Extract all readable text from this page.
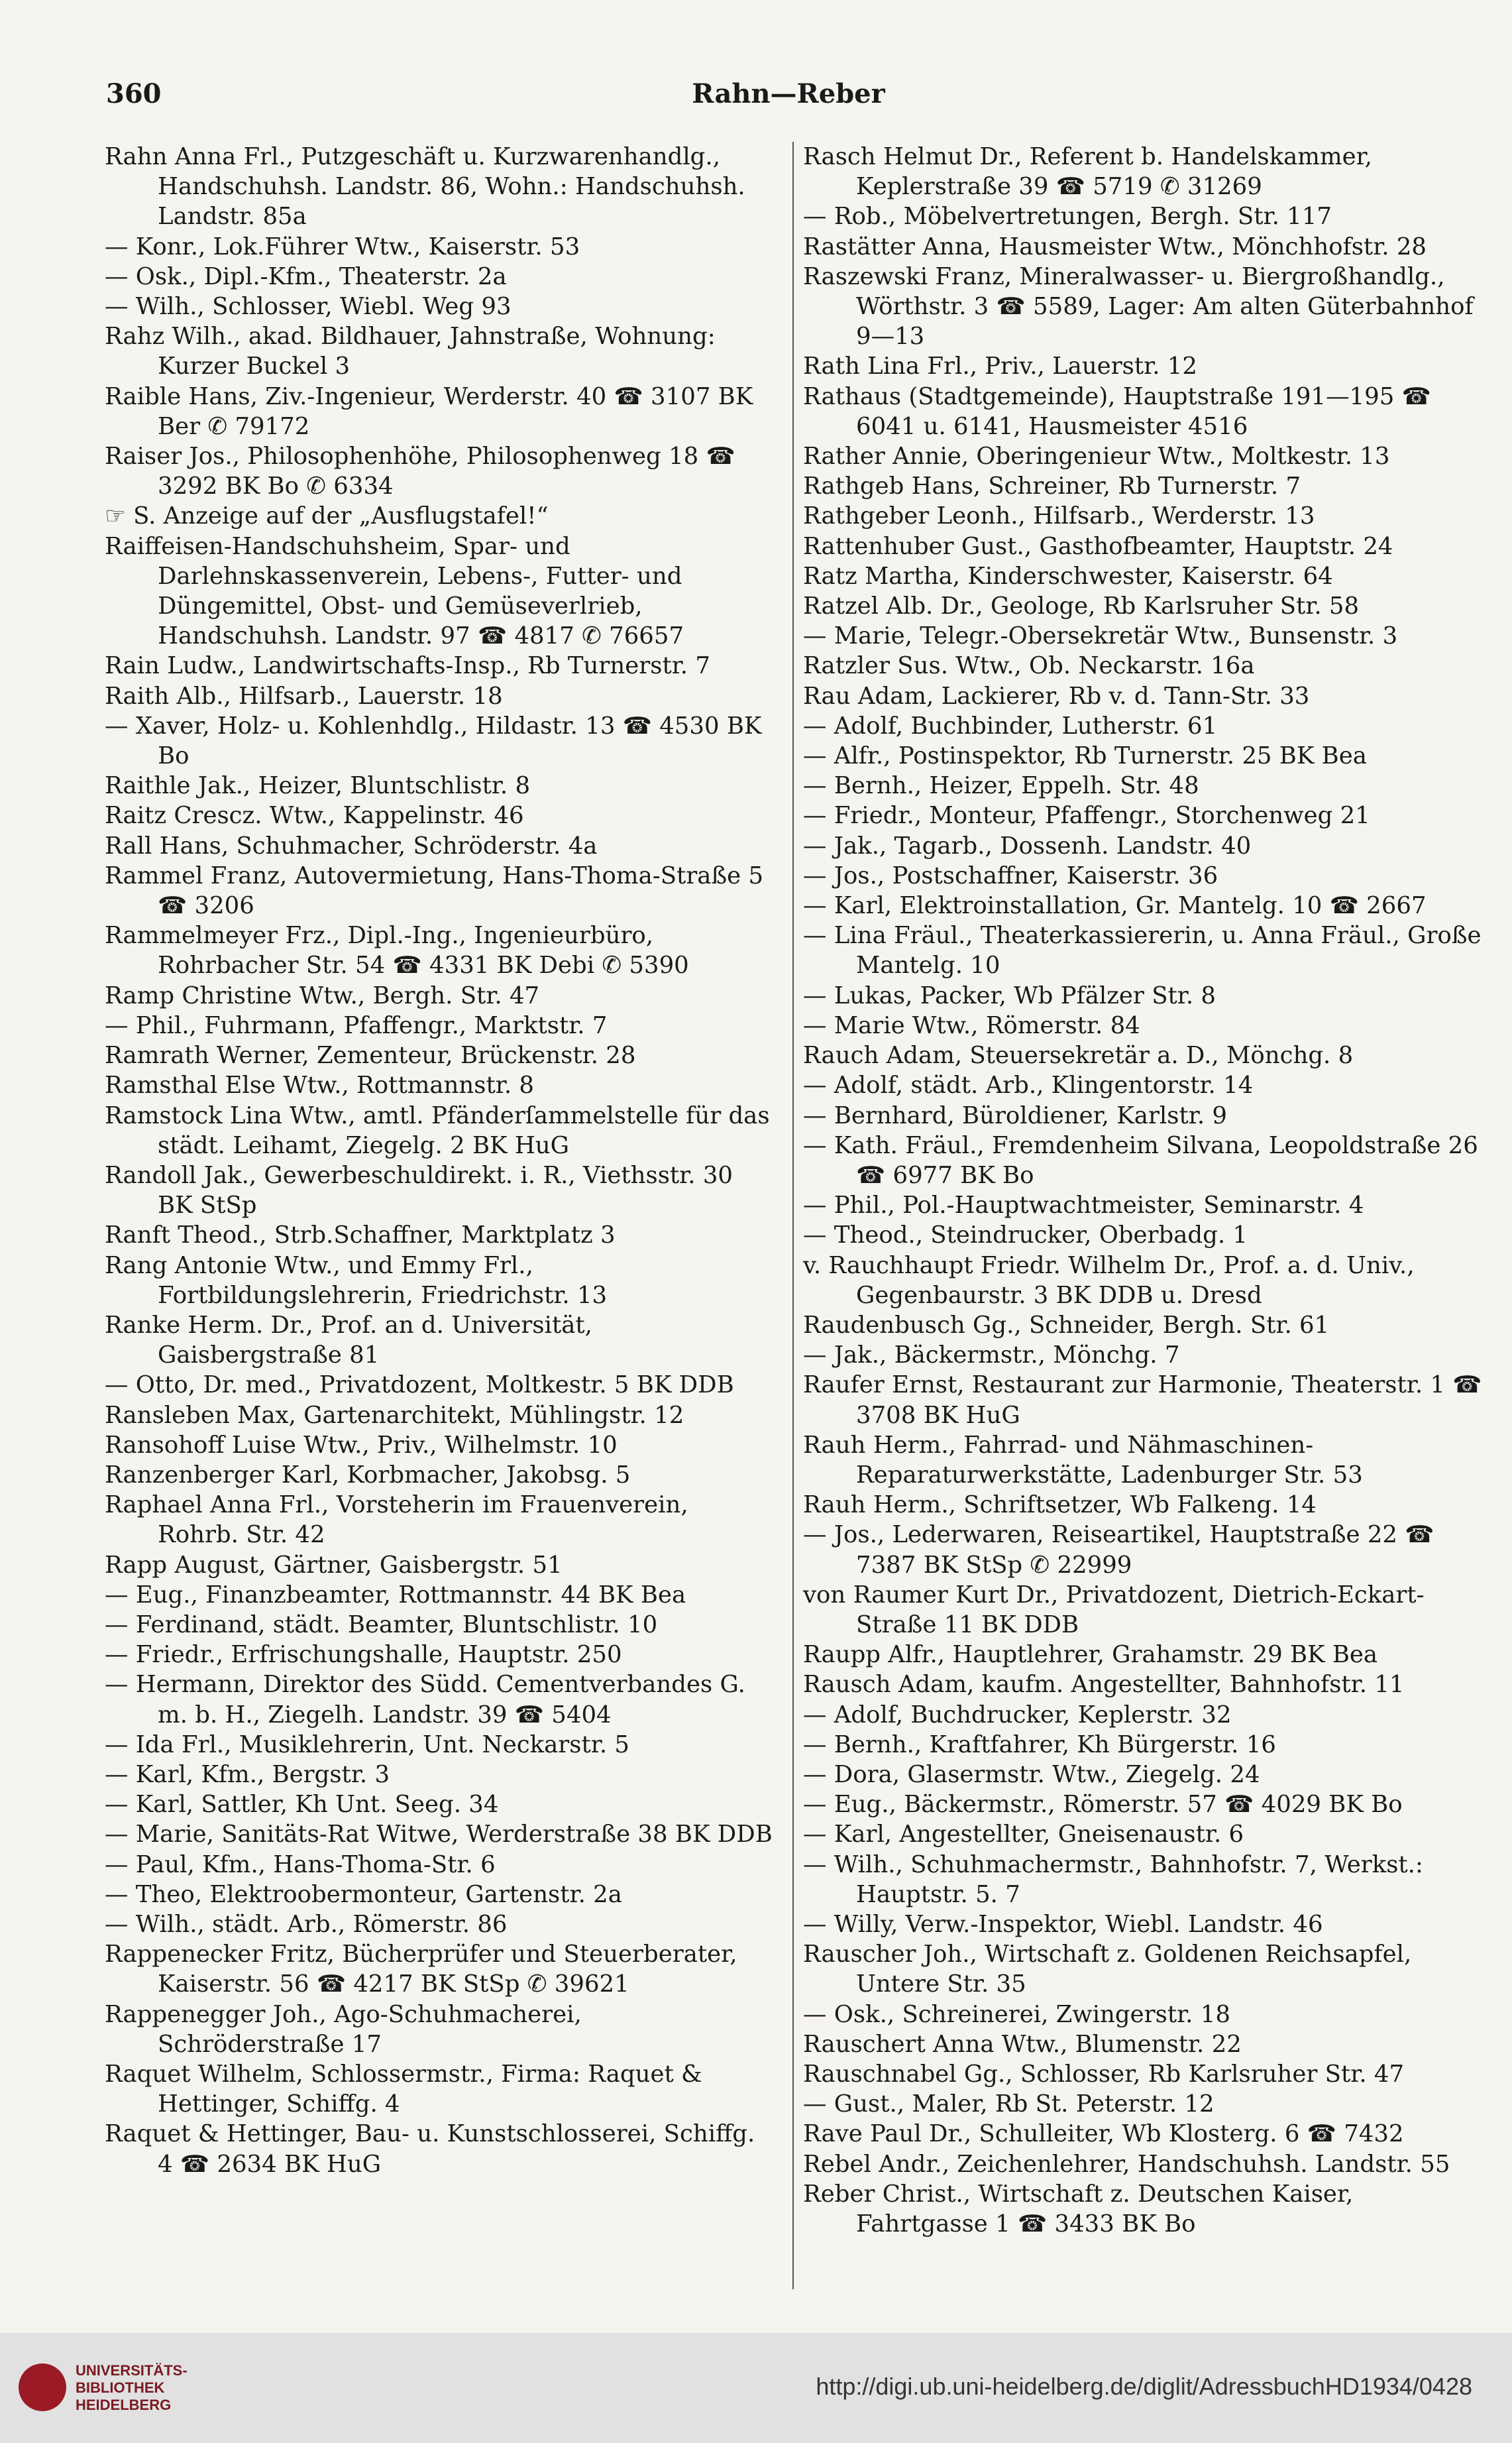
360	Rahn—Reber

Rahn Anna Frl., Putzgeschäft u. Kurzwarenhandlg., Handschuhsh. Landstr. 86, Wohn.: Handschuhsh. Landstr. 85a

— Konr., Lok.Führer Wtw., Kaiserstr. 53

— Osk., Dipl.-Kfm., Theaterstr. 2a

— Wilh., Schlosser, Wiebl. Weg 93

Rahz Wilh., akad. Bildhauer, Jahnstraße, Wohnung: Kurzer Buckel 3

Raible Hans, Ziv.-Ingenieur, Werderstr. 40 ☎ 3107 BK Ber ✆ 79172

Raiser Jos., Philosophenhöhe, Philosophenweg 18 ☎ 3292 BK Bo ✆ 6334

☞ S. Anzeige auf der „Ausflugstafel!“

Raiffeisen-Handschuhsheim, Spar- und Darlehnskassenverein, Lebens-, Futter- und Düngemittel, Obst- und Gemüseverlrieb, Handschuhsh. Landstr. 97 ☎ 4817 ✆ 76657

Rain Ludw., Landwirtschafts-Insp., Rb Turnerstr. 7

Raith Alb., Hilfsarb., Lauerstr. 18

— Xaver, Holz- u. Kohlenhdlg., Hildastr. 13 ☎ 4530 BK Bo

Raithle Jak., Heizer, Bluntschlistr. 8

Raitz Crescz. Wtw., Kappelinstr. 46

Rall Hans, Schuhmacher, Schröderstr. 4a

Rammel Franz, Autovermietung, Hans-Thoma-Straße 5 ☎ 3206

Rammelmeyer Frz., Dipl.-Ing., Ingenieurbüro, Rohrbacher Str. 54 ☎ 4331 BK Debi ✆ 5390

Ramp Christine Wtw., Bergh. Str. 47

— Phil., Fuhrmann, Pfaffengr., Marktstr. 7

Ramrath Werner, Zementeur, Brückenstr. 28

Ramsthal Else Wtw., Rottmannstr. 8

Ramstock Lina Wtw., amtl. Pfänderſammelstelle für das städt. Leihamt, Ziegelg. 2 BK HuG

Randoll Jak., Gewerbeschuldirekt. i. R., Viethsstr. 30 BK StSp

Ranft Theod., Strb.Schaffner, Marktplatz 3

Rang Antonie Wtw., und Emmy Frl., Fortbildungslehrerin, Friedrichstr. 13

Ranke Herm. Dr., Prof. an d. Universität, Gaisbergstraße 81

— Otto, Dr. med., Privatdozent, Moltkestr. 5 BK DDB

Ransleben Max, Gartenarchitekt, Mühlingstr. 12

Ransohoff Luise Wtw., Priv., Wilhelmstr. 10

Ranzenberger Karl, Korbmacher, Jakobsg. 5

Raphael Anna Frl., Vorsteherin im Frauenverein, Rohrb. Str. 42

Rapp August, Gärtner, Gaisbergstr. 51

— Eug., Finanzbeamter, Rottmannstr. 44 BK Bea

— Ferdinand, städt. Beamter, Bluntschlistr. 10

— Friedr., Erfrischungshalle, Hauptstr. 250

— Hermann, Direktor des Südd. Cementverbandes G. m. b. H., Ziegelh. Landstr. 39 ☎ 5404

— Ida Frl., Musiklehrerin, Unt. Neckarstr. 5

— Karl, Kfm., Bergstr. 3

— Karl, Sattler, Kh Unt. Seeg. 34

— Marie, Sanitäts-Rat Witwe, Werderstraße 38 BK DDB

— Paul, Kfm., Hans-Thoma-Str. 6

— Theo, Elektroobermonteur, Gartenstr. 2a

— Wilh., städt. Arb., Römerstr. 86

Rappenecker Fritz, Bücherprüfer und Steuerberater, Kaiserstr. 56 ☎ 4217 BK StSp ✆ 39621

Rappenegger Joh., Ago-Schuhmacherei, Schröderstraße 17

Raquet Wilhelm, Schlossermstr., Firma: Raquet & Hettinger, Schiffg. 4

Raquet & Hettinger, Bau- u. Kunstschlosserei, Schiffg. 4 ☎ 2634 BK HuG

Rasch Helmut Dr., Referent b. Handelskammer, Keplerstraße 39 ☎ 5719 ✆ 31269

— Rob., Möbelvertretungen, Bergh. Str. 117

Rastätter Anna, Hausmeister Wtw., Mönchhofstr. 28

Raszewski Franz, Mineralwasser- u. Biergroßhandlg., Wörthstr. 3 ☎ 5589, Lager: Am alten Güterbahnhof 9—13

Rath Lina Frl., Priv., Lauerstr. 12

Rathaus (Stadtgemeinde), Hauptstraße 191—195 ☎ 6041 u. 6141, Hausmeister 4516

Rather Annie, Oberingenieur Wtw., Moltkestr. 13

Rathgeb Hans, Schreiner, Rb Turnerstr. 7

Rathgeber Leonh., Hilfsarb., Werderstr. 13

Rattenhuber Gust., Gasthofbeamter, Hauptstr. 24

Ratz Martha, Kinderschwester, Kaiserstr. 64

Ratzel Alb. Dr., Geologe, Rb Karlsruher Str. 58

— Marie, Telegr.-Obersekretär Wtw., Bunsenstr. 3

Ratzler Sus. Wtw., Ob. Neckarstr. 16a

Rau Adam, Lackierer, Rb v. d. Tann-Str. 33

— Adolf, Buchbinder, Lutherstr. 61

— Alfr., Postinspektor, Rb Turnerstr. 25 BK Bea

— Bernh., Heizer, Eppelh. Str. 48

— Friedr., Monteur, Pfaffengr., Storchenweg 21

— Jak., Tagarb., Dossenh. Landstr. 40

— Jos., Postschaffner, Kaiserstr. 36

— Karl, Elektroinstallation, Gr. Mantelg. 10 ☎ 2667

— Lina Fräul., Theaterkassiererin, u. Anna Fräul., Große Mantelg. 10

— Lukas, Packer, Wb Pfälzer Str. 8

— Marie Wtw., Römerstr. 84

Rauch Adam, Steuersekretär a. D., Mönchg. 8

— Adolf, städt. Arb., Klingentorstr. 14

— Bernhard, Büroldiener, Karlstr. 9

— Kath. Fräul., Fremdenheim Silvana, Leopoldstraße 26 ☎ 6977 BK Bo

— Phil., Pol.-Hauptwachtmeister, Seminarstr. 4

— Theod., Steindrucker, Oberbadg. 1

v. Rauchhaupt Friedr. Wilhelm Dr., Prof. a. d. Univ., Gegenbaurstr. 3 BK DDB u. Dresd

Raudenbusch Gg., Schneider, Bergh. Str. 61

— Jak., Bäckermstr., Mönchg. 7

Raufer Ernst, Restaurant zur Harmonie, Theaterstr. 1 ☎ 3708 BK HuG

Rauh Herm., Fahrrad- und Nähmaschinen-Reparaturwerkstätte, Ladenburger Str. 53

Rauh Herm., Schriftsetzer, Wb Falkeng. 14

— Jos., Lederwaren, Reiseartikel, Hauptstraße 22 ☎ 7387 BK StSp ✆ 22999

von Raumer Kurt Dr., Privatdozent, Dietrich-Eckart-Straße 11 BK DDB

Raupp Alfr., Hauptlehrer, Grahamstr. 29 BK Bea

Rausch Adam, kaufm. Angestellter, Bahnhofstr. 11

— Adolf, Buchdrucker, Keplerstr. 32

— Bernh., Kraftfahrer, Kh Bürgerstr. 16

— Dora, Glasermstr. Wtw., Ziegelg. 24

— Eug., Bäckermstr., Römerstr. 57 ☎ 4029 BK Bo

— Karl, Angestellter, Gneisenaustr. 6

— Wilh., Schuhmachermstr., Bahnhofstr. 7, Werkst.: Hauptstr. 5. 7

— Willy, Verw.-Inspektor, Wiebl. Landstr. 46

Rauscher Joh., Wirtschaft z. Goldenen Reichsapfel, Untere Str. 35

— Osk., Schreinerei, Zwingerstr. 18

Rauschert Anna Wtw., Blumenstr. 22

Rauschnabel Gg., Schlosser, Rb Karlsruher Str. 47

— Gust., Maler, Rb St. Peterstr. 12

Rave Paul Dr., Schulleiter, Wb Klosterg. 6 ☎ 7432

Rebel Andr., Zeichenlehrer, Handschuhsh. Landstr. 55

Reber Christ., Wirtschaft z. Deutschen Kaiser, Fahrtgasse 1 ☎ 3433 BK Bo

UNIVERSITÄTS-
BIBLIOTHEK
HEIDELBERG
http://digi.ub.uni-heidelberg.de/diglit/AdressbuchHD1934/0428
